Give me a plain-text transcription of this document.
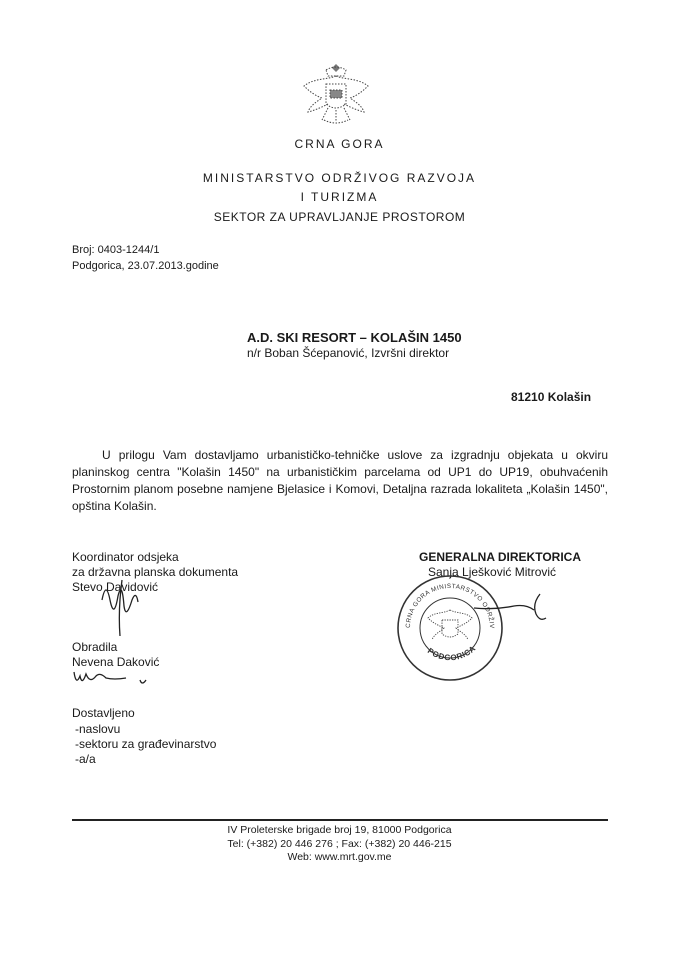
CRNA GORA
MINISTARSTVO ODRŽIVOG RAZVOJA
I TURIZMA
SEKTOR ZA UPRAVLJANJE PROSTOROM
Broj: 0403-1244/1
Podgorica, 23.07.2013.godine
A.D. SKI RESORT – KOLAŠIN 1450
n/r Boban Šćepanović, Izvršni direktor
81210 Kolašin
U prilogu Vam dostavljamo urbanističko-tehničke uslove za izgradnju objekata u okviru planinskog centra "Kolašin 1450" na urbanističkim parcelama od UP1 do UP19, obuhvaćenih Prostornim planom posebne namjene Bjelasice i Komovi, Detaljna razrada lokaliteta „Kolašin 1450", opština Kolašin.
Koordinator odsjeka
za državna planska dokumenta
Stevo Davidović
Obradila
Nevena Daković
Dostavljeno
-naslovu
-sektoru za građevinarstvo
-a/a
GENERALNA DIREKTORICA
Sanja Lješković Mitrović
CRNA GORA MINISTARSTVO ODRŽIV
PODGORICA
IV Proleterske brigade broj 19, 81000 Podgorica
Tel: (+382) 20 446 276 ; Fax: (+382) 20 446-215
Web: www.mrt.gov.me
